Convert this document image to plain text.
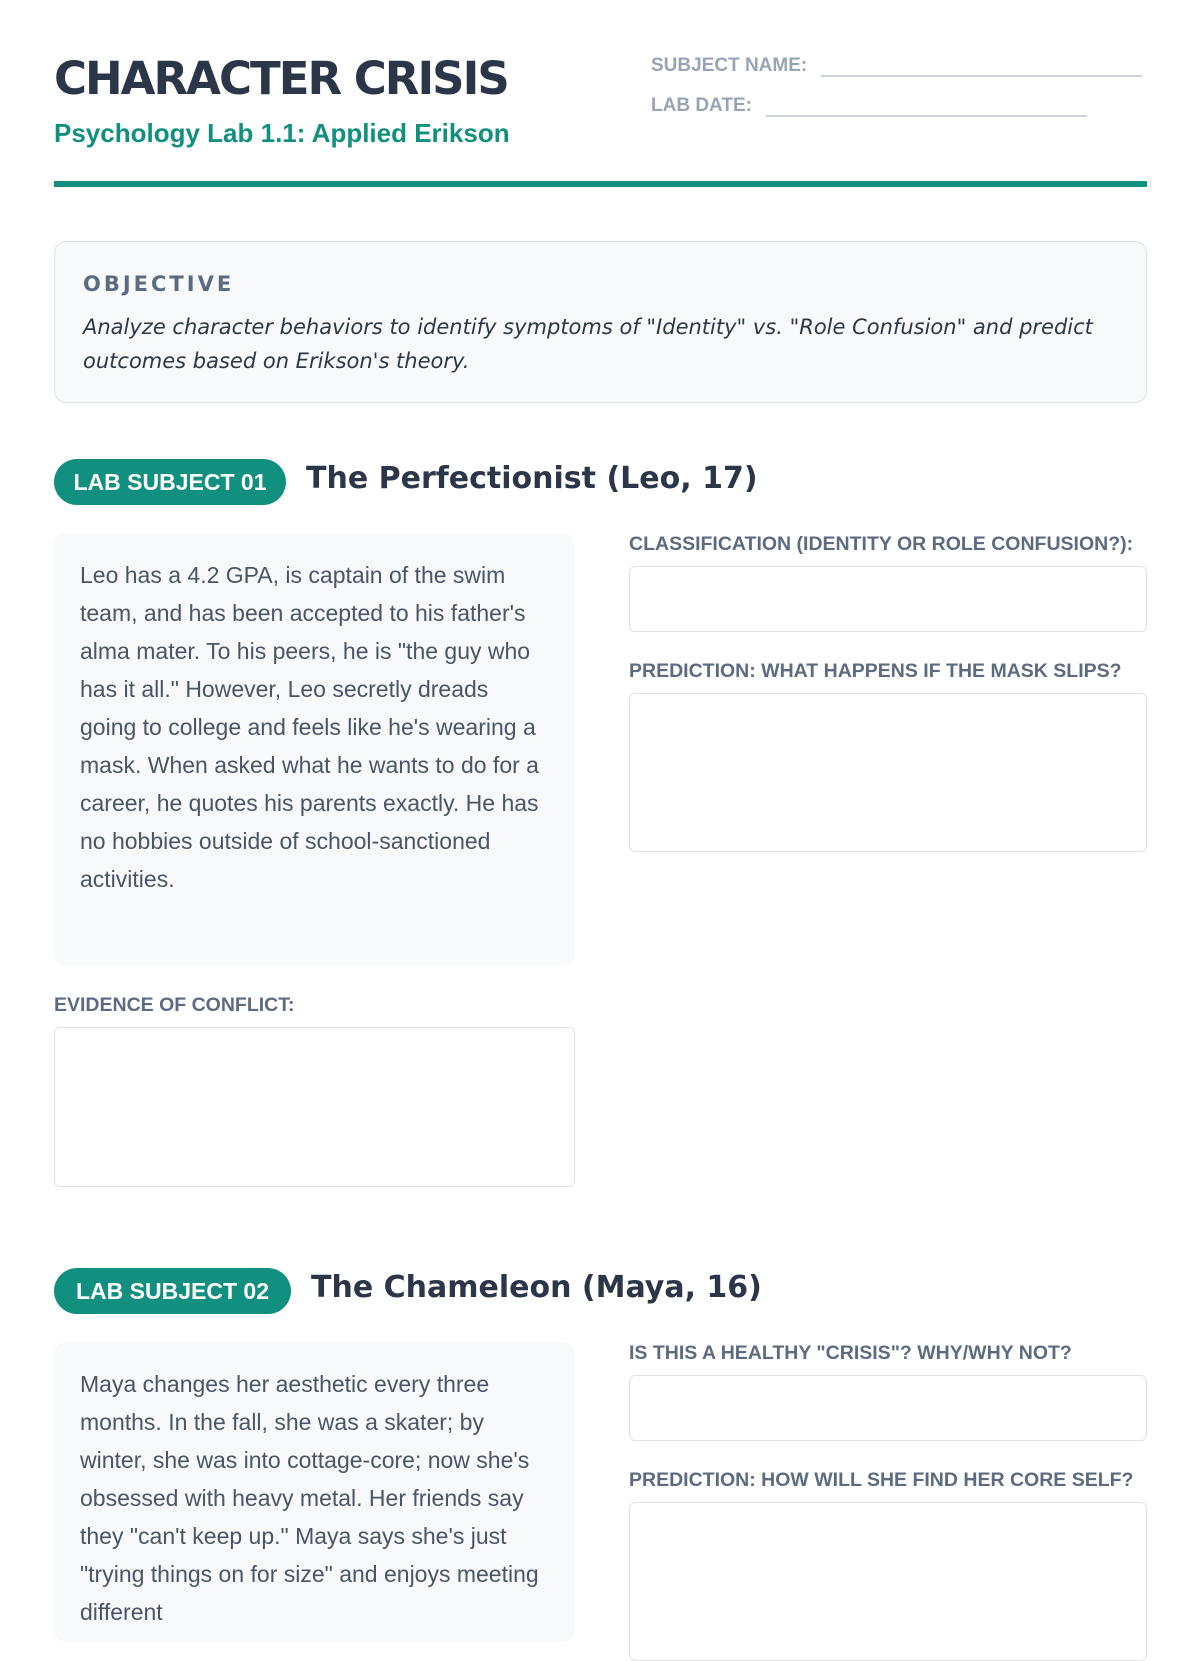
CHARACTER CRISIS
Psychology Lab 1.1: Applied Erikson
SUBJECT NAME:
LAB DATE:
OBJECTIVE
Analyze character behaviors to identify symptoms of "Identity" vs. "Role Confusion" and predict outcomes based on Erikson's theory.
LAB SUBJECT 01	The Perfectionist (Leo, 17)

Leo has a 4.2 GPA, is captain of the swim team, and has been accepted to his father's alma mater. To his peers, he is "the guy who has it all." However, Leo secretly dreads going to college and feels like he's wearing a mask. When asked what he wants to do for a career, he quotes his parents exactly. He has no hobbies outside of school-sanctioned activities.

CLASSIFICATION (IDENTITY OR ROLE CONFUSION?):
PREDICTION: WHAT HAPPENS IF THE MASK SLIPS?
EVIDENCE OF CONFLICT:
LAB SUBJECT 02	The Chameleon (Maya, 16)

Maya changes her aesthetic every three months. In the fall, she was a skater; by winter, she was into cottage-core; now she's obsessed with heavy metal. Her friends say they "can't keep up." Maya says she's just "trying things on for size" and enjoys meeting different

IS THIS A HEALTHY "CRISIS"? WHY/WHY NOT?
PREDICTION: HOW WILL SHE FIND HER CORE SELF?
